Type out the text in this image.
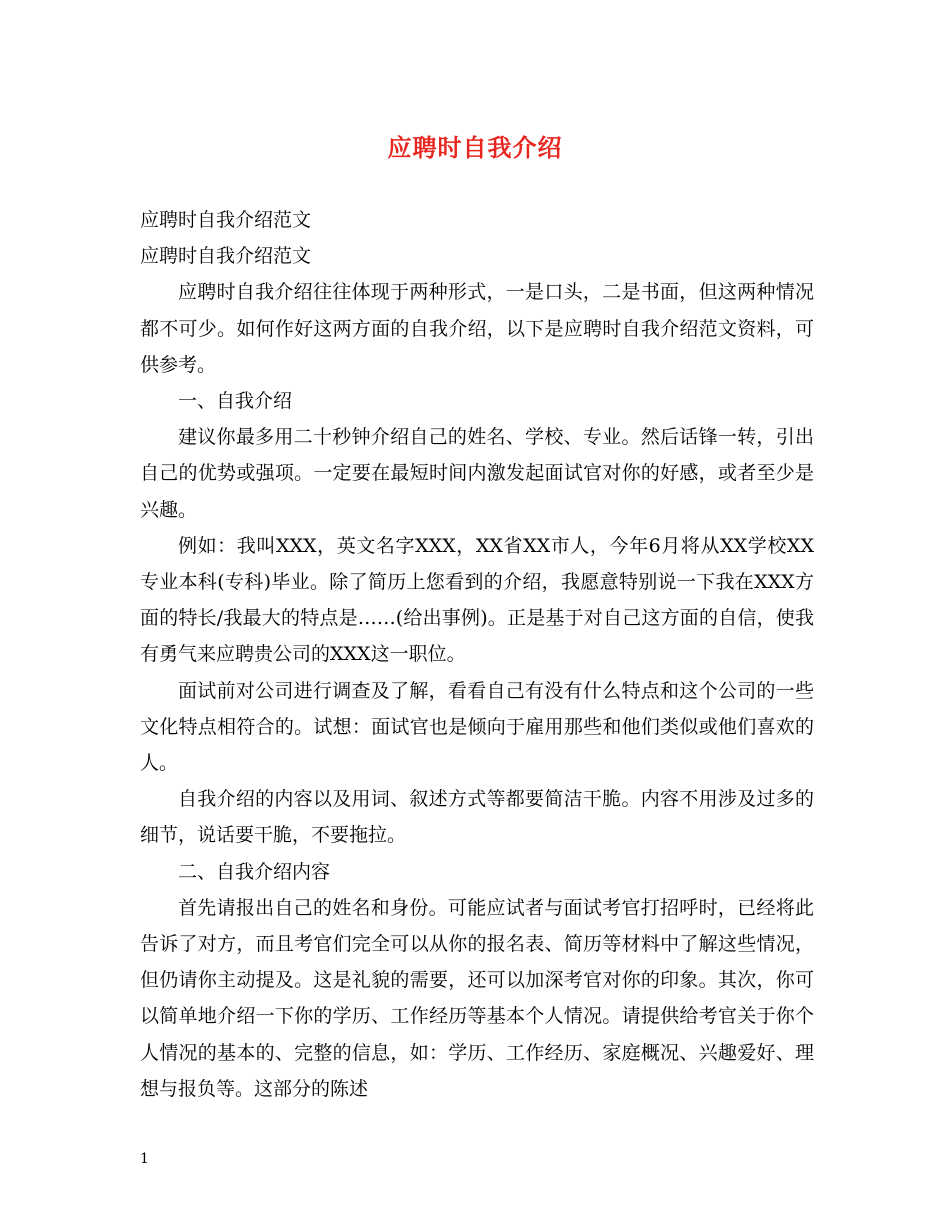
应聘时自我介绍

应聘时自我介绍范文

应聘时自我介绍范文

应聘时自我介绍往往体现于两种形式，一是口头，二是书面，但这两种情况都不可少。如何作好这两方面的自我介绍，以下是应聘时自我介绍范文资料，可供参考。

一、自我介绍

建议你最多用二十秒钟介绍自己的姓名、学校、专业。然后话锋一转，引出自己的优势或强项。一定要在最短时间内激发起面试官对你的好感，或者至少是兴趣。

例如：我叫XXX，英文名字XXX，XX省XX市人，今年6月将从XX学校XX专业本科(专科)毕业。除了简历上您看到的介绍，我愿意特别说一下我在XXX方面的特长/我最大的特点是……(给出事例)。正是基于对自己这方面的自信，使我有勇气来应聘贵公司的XXX这一职位。

面试前对公司进行调查及了解，看看自己有没有什么特点和这个公司的一些文化特点相符合的。试想：面试官也是倾向于雇用那些和他们类似或他们喜欢的人。

自我介绍的内容以及用词、叙述方式等都要简洁干脆。内容不用涉及过多的细节，说话要干脆，不要拖拉。

二、自我介绍内容

首先请报出自己的姓名和身份。可能应试者与面试考官打招呼时，已经将此告诉了对方，而且考官们完全可以从你的报名表、简历等材料中了解这些情况，但仍请你主动提及。这是礼貌的需要，还可以加深考官对你的印象。其次，你可以简单地介绍一下你的学历、工作经历等基本个人情况。请提供给考官关于你个人情况的基本的、完整的信息，如：学历、工作经历、家庭概况、兴趣爱好、理想与报负等。这部分的陈述

1
